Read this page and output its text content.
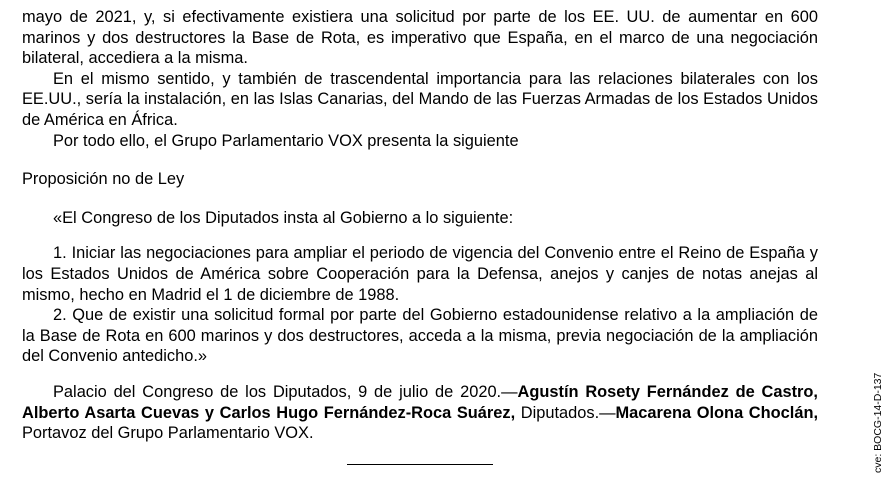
mayo de 2021, y, si efectivamente existiera una solicitud por parte de los EE. UU. de aumentar en 600 marinos y dos destructores la Base de Rota, es imperativo que España, en el marco de una negociación bilateral, accediera a la misma.

En el mismo sentido, y también de trascendental importancia para las relaciones bilaterales con los EE.UU., sería la instalación, en las Islas Canarias, del Mando de las Fuerzas Armadas de los Estados Unidos de América en África.

Por todo ello, el Grupo Parlamentario VOX presenta la siguiente

Proposición no de Ley

«El Congreso de los Diputados insta al Gobierno a lo siguiente:

1. Iniciar las negociaciones para ampliar el periodo de vigencia del Convenio entre el Reino de España y los Estados Unidos de América sobre Cooperación para la Defensa, anejos y canjes de notas anejas al mismo, hecho en Madrid el 1 de diciembre de 1988.

2. Que de existir una solicitud formal por parte del Gobierno estadounidense relativo a la ampliación de la Base de Rota en 600 marinos y dos destructores, acceda a la misma, previa negociación de la ampliación del Convenio antedicho.»

Palacio del Congreso de los Diputados, 9 de julio de 2020.—Agustín Rosety Fernández de Castro, Alberto Asarta Cuevas y Carlos Hugo Fernández-Roca Suárez, Diputados.—Macarena Olona Choclán, Portavoz del Grupo Parlamentario VOX.	cve: BOCG-14-D-137
